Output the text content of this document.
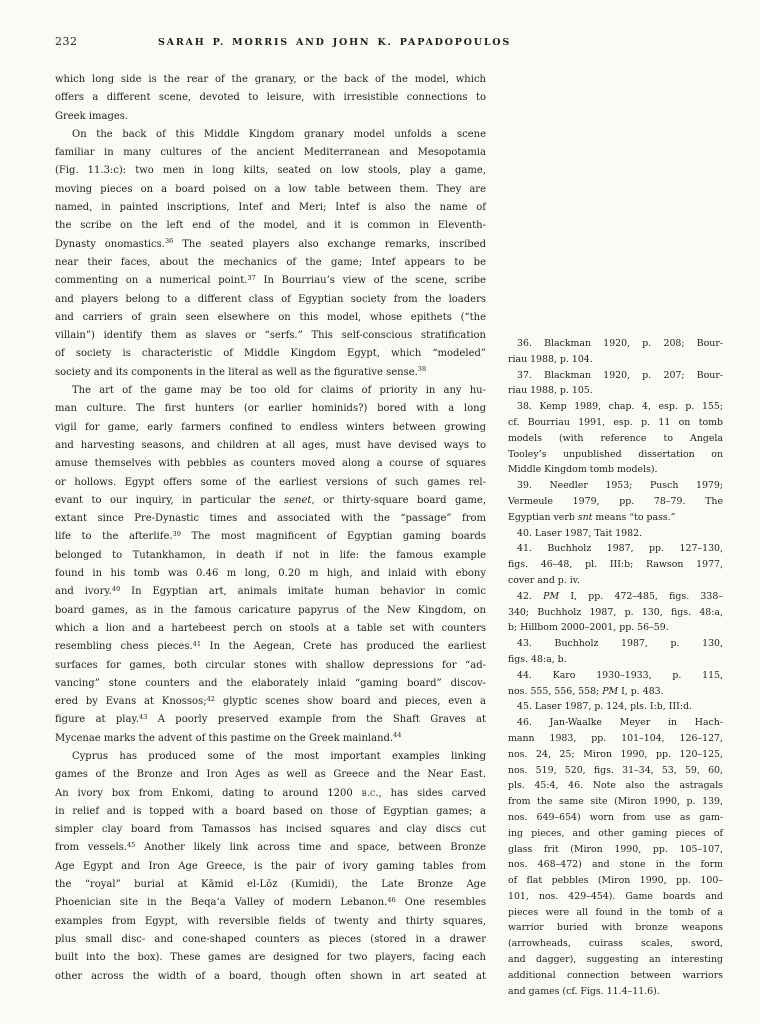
232	SARAH P. MORRIS AND JOHN K. PAPADOPOULOS
which long side is the rear of the granary, or the back of the model, which
offers a different scene, devoted to leisure, with irresistible connections to
Greek images.
On the back of this Middle Kingdom granary model unfolds a scene
familiar in many cultures of the ancient Mediterranean and Mesopotamia
(Fig. 11.3:c): two men in long kilts, seated on low stools, play a game,
moving pieces on a board poised on a low table between them. They are
named, in painted inscriptions, Intef and Meri; Intef is also the name of
the scribe on the left end of the model, and it is common in Eleventh-
Dynasty onomastics.$^{36}$ The seated players also exchange remarks, inscribed
near their faces, about the mechanics of the game; Intef appears to be
commenting on a numerical point.$^{37}$ In Bourriau’s view of the scene, scribe
and players belong to a different class of Egyptian society from the loaders
and carriers of grain seen elsewhere on this model, whose epithets (“the
villain”) identify them as slaves or “serfs.” This self-conscious stratification
of society is characteristic of Middle Kingdom Egypt, which “modeled”
society and its components in the literal as well as the figurative sense.$^{38}$
The art of the game may be too old for claims of priority in any hu-
man culture. The first hunters (or earlier hominids?) bored with a long
vigil for game, early farmers confined to endless winters between growing
and harvesting seasons, and children at all ages, must have devised ways to
amuse themselves with pebbles as counters moved along a course of squares
or hollows. Egypt offers some of the earliest versions of such games rel-
evant to our inquiry, in particular the senet, or thirty-square board game,
extant since Pre-Dynastic times and associated with the “passage” from
life to the afterlife.$^{39}$ The most magnificent of Egyptian gaming boards
belonged to Tutankhamon, in death if not in life: the famous example
found in his tomb was 0.46 m long, 0.20 m high, and inlaid with ebony
and ivory.$^{40}$ In Egyptian art, animals imitate human behavior in comic
board games, as in the famous caricature papyrus of the New Kingdom, on
which a lion and a hartebeest perch on stools at a table set with counters
resembling chess pieces.$^{41}$ In the Aegean, Crete has produced the earliest
surfaces for games, both circular stones with shallow depressions for “ad-
vancing” stone counters and the elaborately inlaid “gaming board” discov-
ered by Evans at Knossos;$^{42}$ glyptic scenes show board and pieces, even a
figure at play.$^{43}$ A poorly preserved example from the Shaft Graves at
Mycenae marks the advent of this pastime on the Greek mainland.$^{44}$
Cyprus has produced some of the most important examples linking
games of the Bronze and Iron Ages as well as Greece and the Near East.
An ivory box from Enkomi, dating to around 1200 b.c., has sides carved
in relief and is topped with a board based on those of Egyptian games; a
simpler clay board from Tamassos has incised squares and clay discs cut
from vessels.$^{45}$ Another likely link across time and space, between Bronze
Age Egypt and Iron Age Greece, is the pair of ivory gaming tables from
the “royal” burial at Kāmid el-Lōz (Kumidi), the Late Bronze Age
Phoenician site in the Beqa‘a Valley of modern Lebanon.$^{46}$ One resembles
examples from Egypt, with reversible fields of twenty and thirty squares,
plus small disc- and cone-shaped counters as pieces (stored in a drawer
built into the box). These games are designed for two players, facing each
other across the width of a board, though often shown in art seated at
36. Blackman 1920, p. 208; Bour-
riau 1988, p. 104.
37. Blackman 1920, p. 207; Bour-
riau 1988, p. 105.
38. Kemp 1989, chap. 4, esp. p. 155;
cf. Bourriau 1991, esp. p. 11 on tomb
models (with reference to Angela
Tooley’s unpublished dissertation on
Middle Kingdom tomb models).
39. Needler 1953; Pusch 1979;
Vermeule 1979, pp. 78–79. The
Egyptian verb snt means “to pass.”
40. Laser 1987, Tait 1982.
41. Buchholz 1987, pp. 127–130,
figs. 46–48, pl. III:b; Rawson 1977,
cover and p. iv.
42. PM I, pp. 472–485, figs. 338–
340; Buchholz 1987, p. 130, figs. 48:a,
b; Hillbom 2000–2001, pp. 56–59.
43. Buchholz 1987, p. 130,
figs. 48:a, b.
44. Karo 1930–1933, p. 115,
nos. 555, 556, 558; PM I, p. 483.
45. Laser 1987, p. 124, pls. I:b, III:d.
46. Jan-Waalke Meyer in Hach-
mann 1983, pp. 101–104, 126–127,
nos. 24, 25; Miron 1990, pp. 120–125,
nos. 519, 520, figs. 31–34, 53, 59, 60,
pls. 45:4, 46. Note also the astragals
from the same site (Miron 1990, p. 139,
nos. 649–654) worn from use as gam-
ing pieces, and other gaming pieces of
glass frit (Miron 1990, pp. 105–107,
nos. 468–472) and stone in the form
of flat pebbles (Miron 1990, pp. 100–
101, nos. 429–454). Game boards and
pieces were all found in the tomb of a
warrior buried with bronze weapons
(arrowheads, cuirass scales, sword,
and dagger), suggesting an interesting
additional connection between warriors
and games (cf. Figs. 11.4–11.6).
